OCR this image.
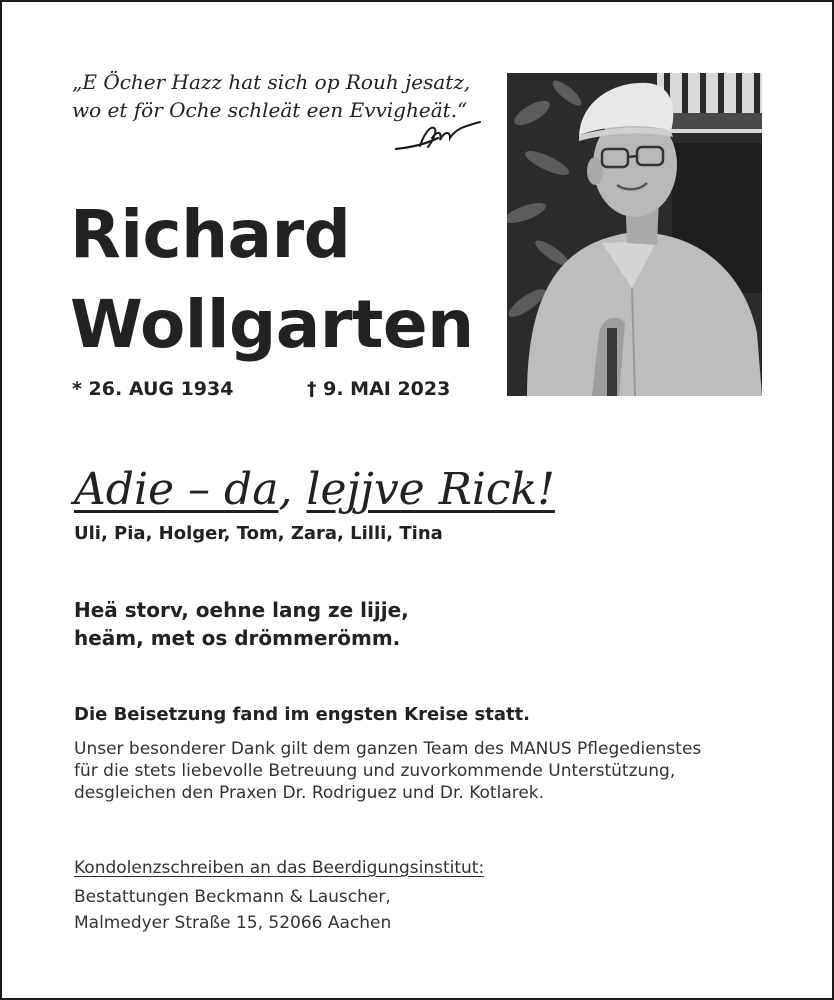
„E Öcher Hazz hat sich op Rouh jesatz,
wo et för Oche schleät een Evvigheät.“
Richard
Wollgarten
* 26. AUG 1934	† 9. MAI 2023
Adie – da, lejjve Rick!
Uli, Pia, Holger, Tom, Zara, Lilli, Tina
Heä storv, oehne lang ze lijje,
heäm, met os drömmerömm.
Die Beisetzung fand im engsten Kreise statt.
Unser besonderer Dank gilt dem ganzen Team des MANUS Pflegedienstes
für die stets liebevolle Betreuung und zuvorkommende Unterstützung,
desgleichen den Praxen Dr. Rodriguez und Dr. Kotlarek.
Kondolenzschreiben an das Beerdigungsinstitut:
Bestattungen Beckmann & Lauscher,
Malmedyer Straße 15, 52066 Aachen
